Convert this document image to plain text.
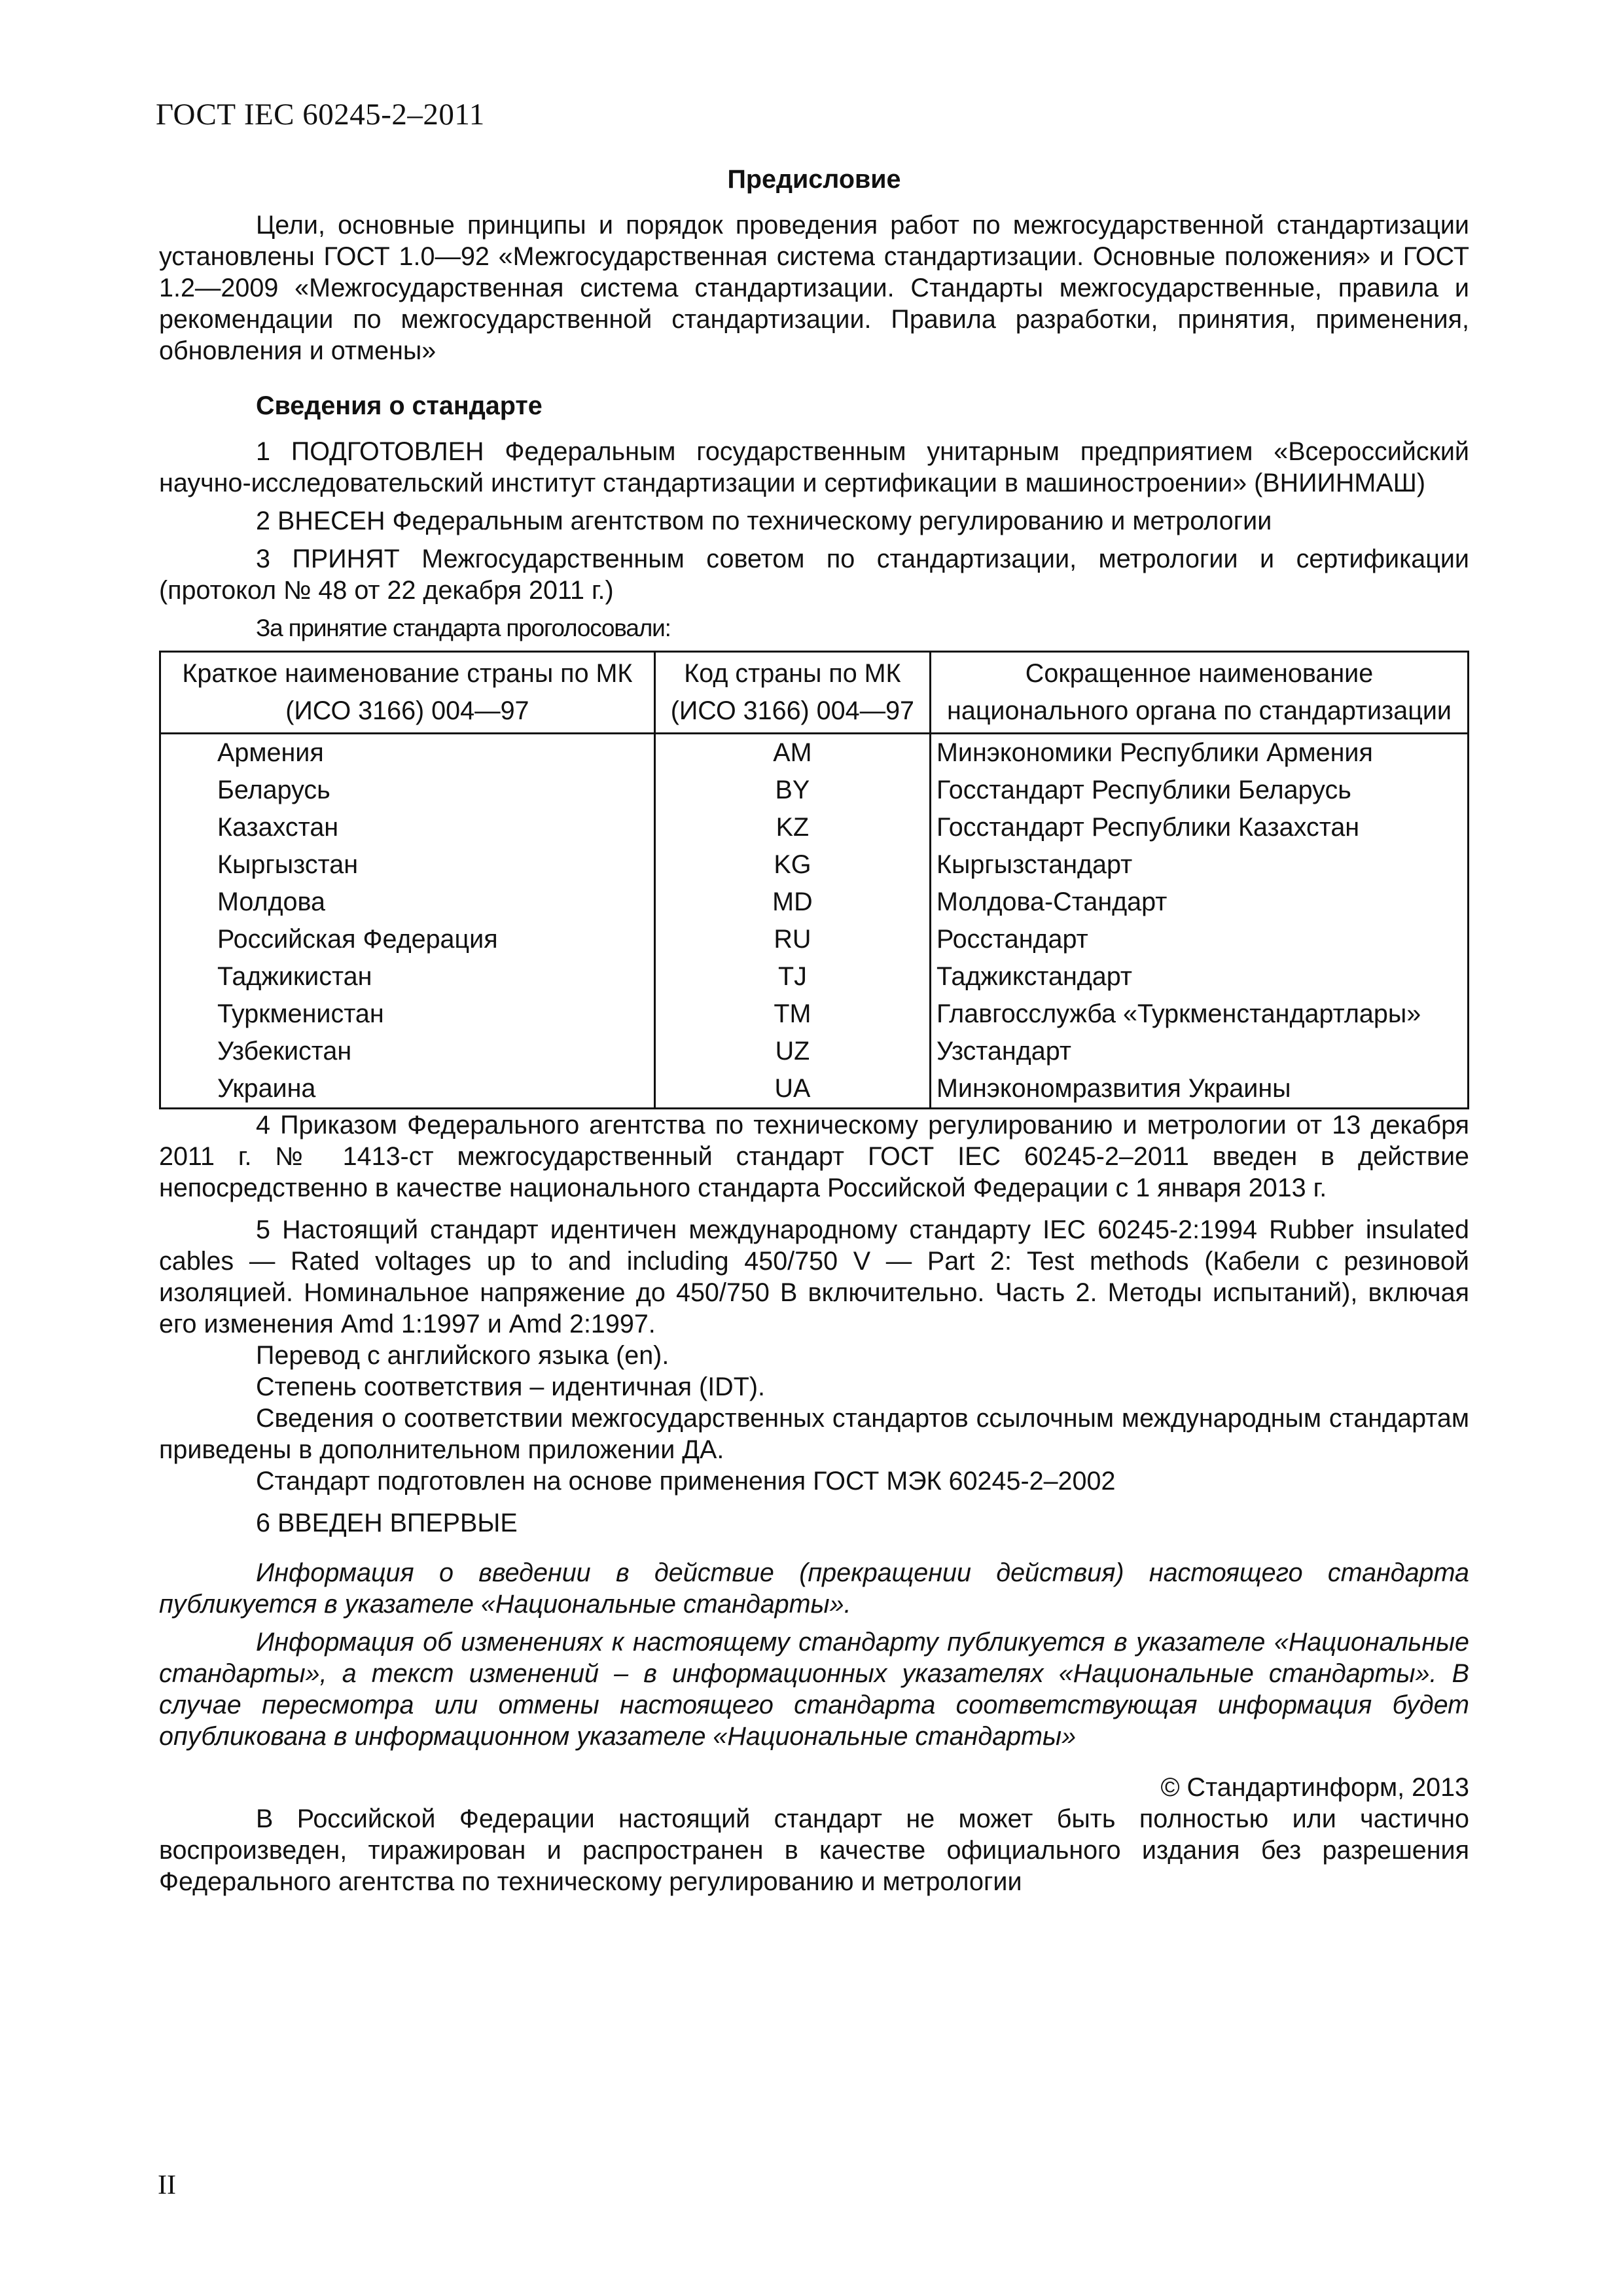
ГОСТ IEC 60245-2–2011

Предисловие

Цели, основные принципы и порядок проведения работ по межгосударственной стандартизации установлены ГОСТ 1.0—92 «Межгосударственная система стандартизации. Основные положения» и ГОСТ 1.2—2009 «Межгосударственная система стандартизации. Стандарты межгосударственные, правила и рекомендации по межгосударственной стандартизации. Правила разработки, принятия, применения, обновления и отмены»

Сведения о стандарте

1 ПОДГОТОВЛЕН Федеральным государственным унитарным предприятием «Всероссийский научно-исследовательский институт стандартизации и сертификации в машиностроении» (ВНИИНМАШ)

2 ВНЕСЕН Федеральным агентством по техническому регулированию и метрологии

3 ПРИНЯТ Межгосударственным советом по стандартизации, метрологии и сертификации (протокол № 48 от 22 декабря 2011 г.)

За принятие стандарта проголосовали:

Краткое наименование страны по МК (ИСО 3166) 004—97	Код страны по МК (ИСО 3166) 004—97	Сокращенное наименование национального органа по стандартизации
Армения	AM	Минэкономики Республики Армения
Беларусь	BY	Госстандарт Республики Беларусь
Казахстан	KZ	Госстандарт Республики Казахстан
Кыргызстан	KG	Кыргызстандарт
Молдова	MD	Молдова-Стандарт
Российская Федерация	RU	Росстандарт
Таджикистан	TJ	Таджикстандарт
Туркменистан	TM	Главгосслужба «Туркменстандартлары»
Узбекистан	UZ	Узстандарт
Украина	UA	Минэкономразвития Украины

4 Приказом Федерального агентства по техническому регулированию и метрологии от 13 декабря 2011 г. № 1413-ст межгосударственный стандарт ГОСТ IEC 60245-2–2011 введен в действие непосредственно в качестве национального стандарта Российской Федерации с 1 января 2013 г.

5 Настоящий стандарт идентичен международному стандарту IEC 60245-2:1994 Rubber insulated cables — Rated voltages up to and including 450/750 V — Part 2: Test methods (Кабели с резиновой изоляцией. Номинальное напряжение до 450/750 В включительно. Часть 2. Методы испытаний), включая его изменения Amd 1:1997 и Amd 2:1997.

Перевод с английского языка (en).

Степень соответствия – идентичная (IDT).

Сведения о соответствии межгосударственных стандартов ссылочным международным стандартам приведены в дополнительном приложении ДА.

Стандарт подготовлен на основе применения ГОСТ МЭК 60245-2–2002

6 ВВЕДЕН ВПЕРВЫЕ

Информация о введении в действие (прекращении действия) настоящего стандарта публикуется в указателе «Национальные стандарты».

Информация об изменениях к настоящему стандарту публикуется в указателе «Национальные стандарты», а текст изменений – в информационных указателях «Национальные стандарты». В случае пересмотра или отмены настоящего стандарта соответствующая информация будет опубликована в информационном указателе «Национальные стандарты»

© Стандартинформ, 2013

В Российской Федерации настоящий стандарт не может быть полностью или частично воспроизведен, тиражирован и распространен в качестве официального издания без разрешения Федерального агентства по техническому регулированию и метрологии

II
